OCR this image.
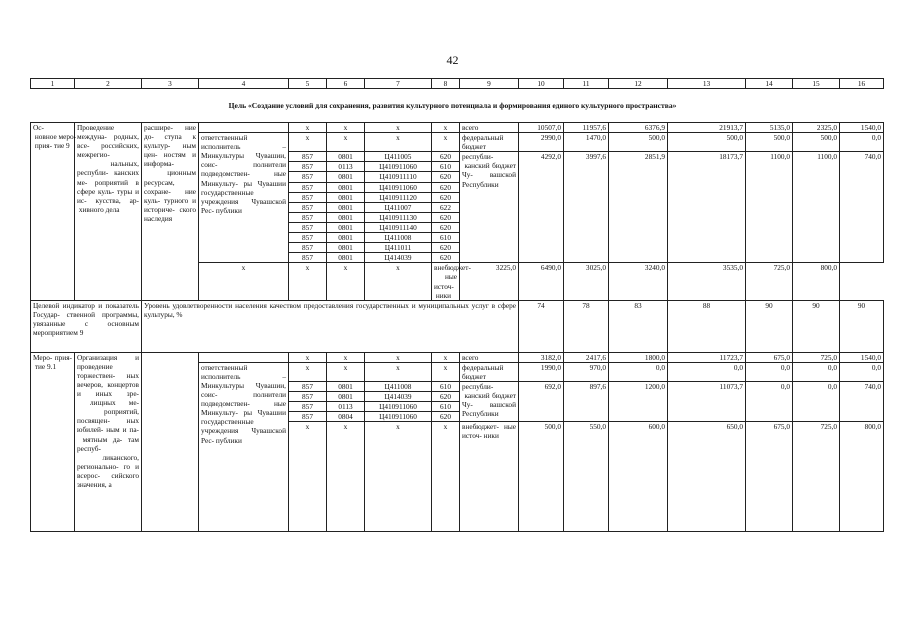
42
1	2	3	4	5	6	7	8	9	10	11	12	13	14	15	16
Цель «Создание условий для сохранения, развития культурного потенциала и формирования единого культурного пространства»
Ос- новное меро- прия- тие 9	Проведение междуна- родных, все- российских, межрегио- нальных, республи- канских ме- роприятий в сфере куль- туры и ис- кусства, ар- хивного дела	расшире- ние до- ступа к культур- ным цен- ностям и информа- ционным ресурсам, сохране- ние куль- турного и историче- ского наследия		x	x	x	x	всего	10507,0	11957,6	6376,9	21913,7	5135,0	2325,0	1540,0
			ответственный исполнитель – Минкультуры Чувашии, соис- полнители подведомствен- ные Минкульту- ры Чувашии государственные учреждения Чувашской Рес- публики	x	x	x	x	федеральный бюджет	2990,0	1470,0	500,0	500,0	500,0	500,0	0,0
				857	0801	Ц411005	620	республи- канский бюджет Чу- вашской Республики	4292,0	3997,6	2851,9	18173,7	1100,0	1100,0	740,0
				857	0113	Ц410911060	610								
				857	0801	Ц410911110	620								
				857	0801	Ц410911060	620								
				857	0801	Ц410911120	620								
				857	0801	Ц411007	622								
				857	0801	Ц410911130	620								
				857	0801	Ц410911140	620								
				857	0801	Ц411008	610								
				857	0801	Ц411011	620								
				857	0801	Ц414039	620								
			x	x	x	x	внебюджет- ные источ- ники	3225,0	6490,0	3025,0	3240,0	3535,0	725,0	800,0	
Целевой индикатор и показатель Государ- ственной программы, увязанные с основным мероприятием 9		Уровень удовлетворенности населения качеством предоставления государственных и муниципальных услуг в сфере культуры, %							74	78	83	88	90	90	90
Меро- прия- тие 9.1	Организация и проведение торжествен- ных вечеров, концертов и иных зре- лищных ме- роприятий, посвящен- ных юбилей- ным и па- мятным да- там респуб- ликанского, регионально- го и всерос- сийского значения, а			x	x	x	x	всего	3182,0	2417,6	1800,0	11723,7	675,0	725,0	1540,0
			ответственный исполнитель – Минкультуры Чувашии, соис- полнители подведомствен- ные Минкульту- ры Чувашии государственные учреждения Чувашской Рес- публики	x	x	x	x	федеральный бюджет	1990,0	970,0	0,0	0,0	0,0	0,0	0,0
				857	0801	Ц411008	610	республи- канский бюджет Чу- вашской Республики	692,0	897,6	1200,0	11073,7	0,0	0,0	740,0
				857	0801	Ц414039	620								
				857	0113	Ц410911060	610								
				857	0804	Ц410911060	620								
				x	x	x	x	внебюджет- ные источ- ники	500,0	550,0	600,0	650,0	675,0	725,0	800,0
